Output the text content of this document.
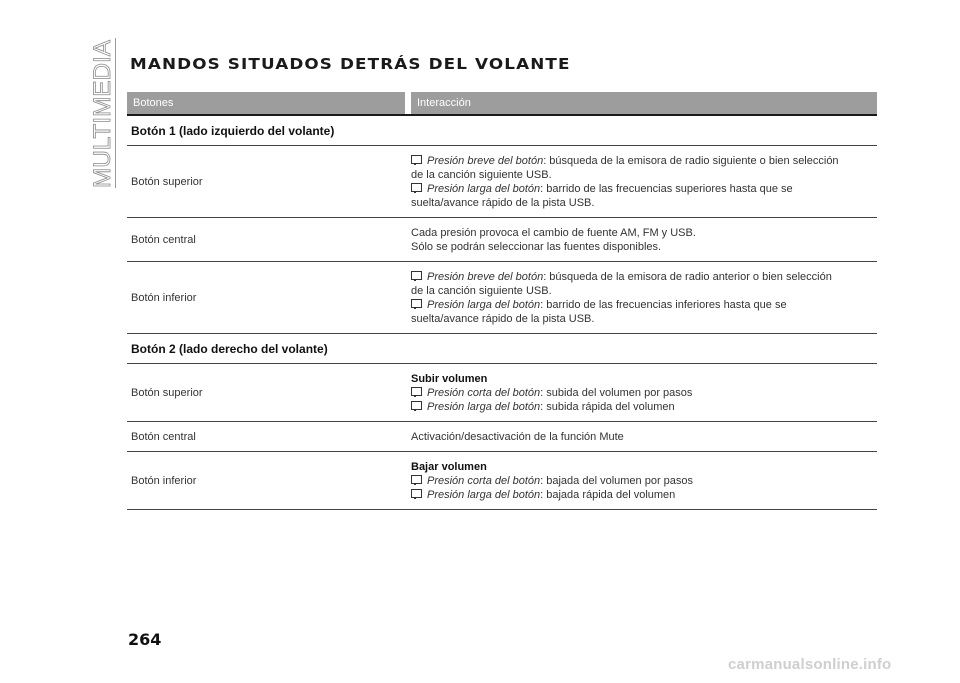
MULTIMEDIA MANDOS SITUADOS DETRÁS DEL VOLANTE
Botones	Interacción
Botón 1 (lado izquierdo del volante)
Botón superior
Presión breve del botón: búsqueda de la emisora de radio siguiente o bien selección
de la canción siguiente USB.
Presión larga del botón: barrido de las frecuencias superiores hasta que se
suelta/avance rápido de la pista USB.
Botón central
Cada presión provoca el cambio de fuente AM, FM y USB.
Sólo se podrán seleccionar las fuentes disponibles.
Botón inferior
Presión breve del botón: búsqueda de la emisora de radio anterior o bien selección
de la canción siguiente USB.
Presión larga del botón: barrido de las frecuencias inferiores hasta que se
suelta/avance rápido de la pista USB.
Botón 2 (lado derecho del volante)
Botón superior
Subir volumen
Presión corta del botón: subida del volumen por pasos
Presión larga del botón: subida rápida del volumen
Botón central	Activación/desactivación de la función Mute
Botón inferior
Bajar volumen
Presión corta del botón: bajada del volumen por pasos
Presión larga del botón: bajada rápida del volumen
264
carmanualsonline.info
